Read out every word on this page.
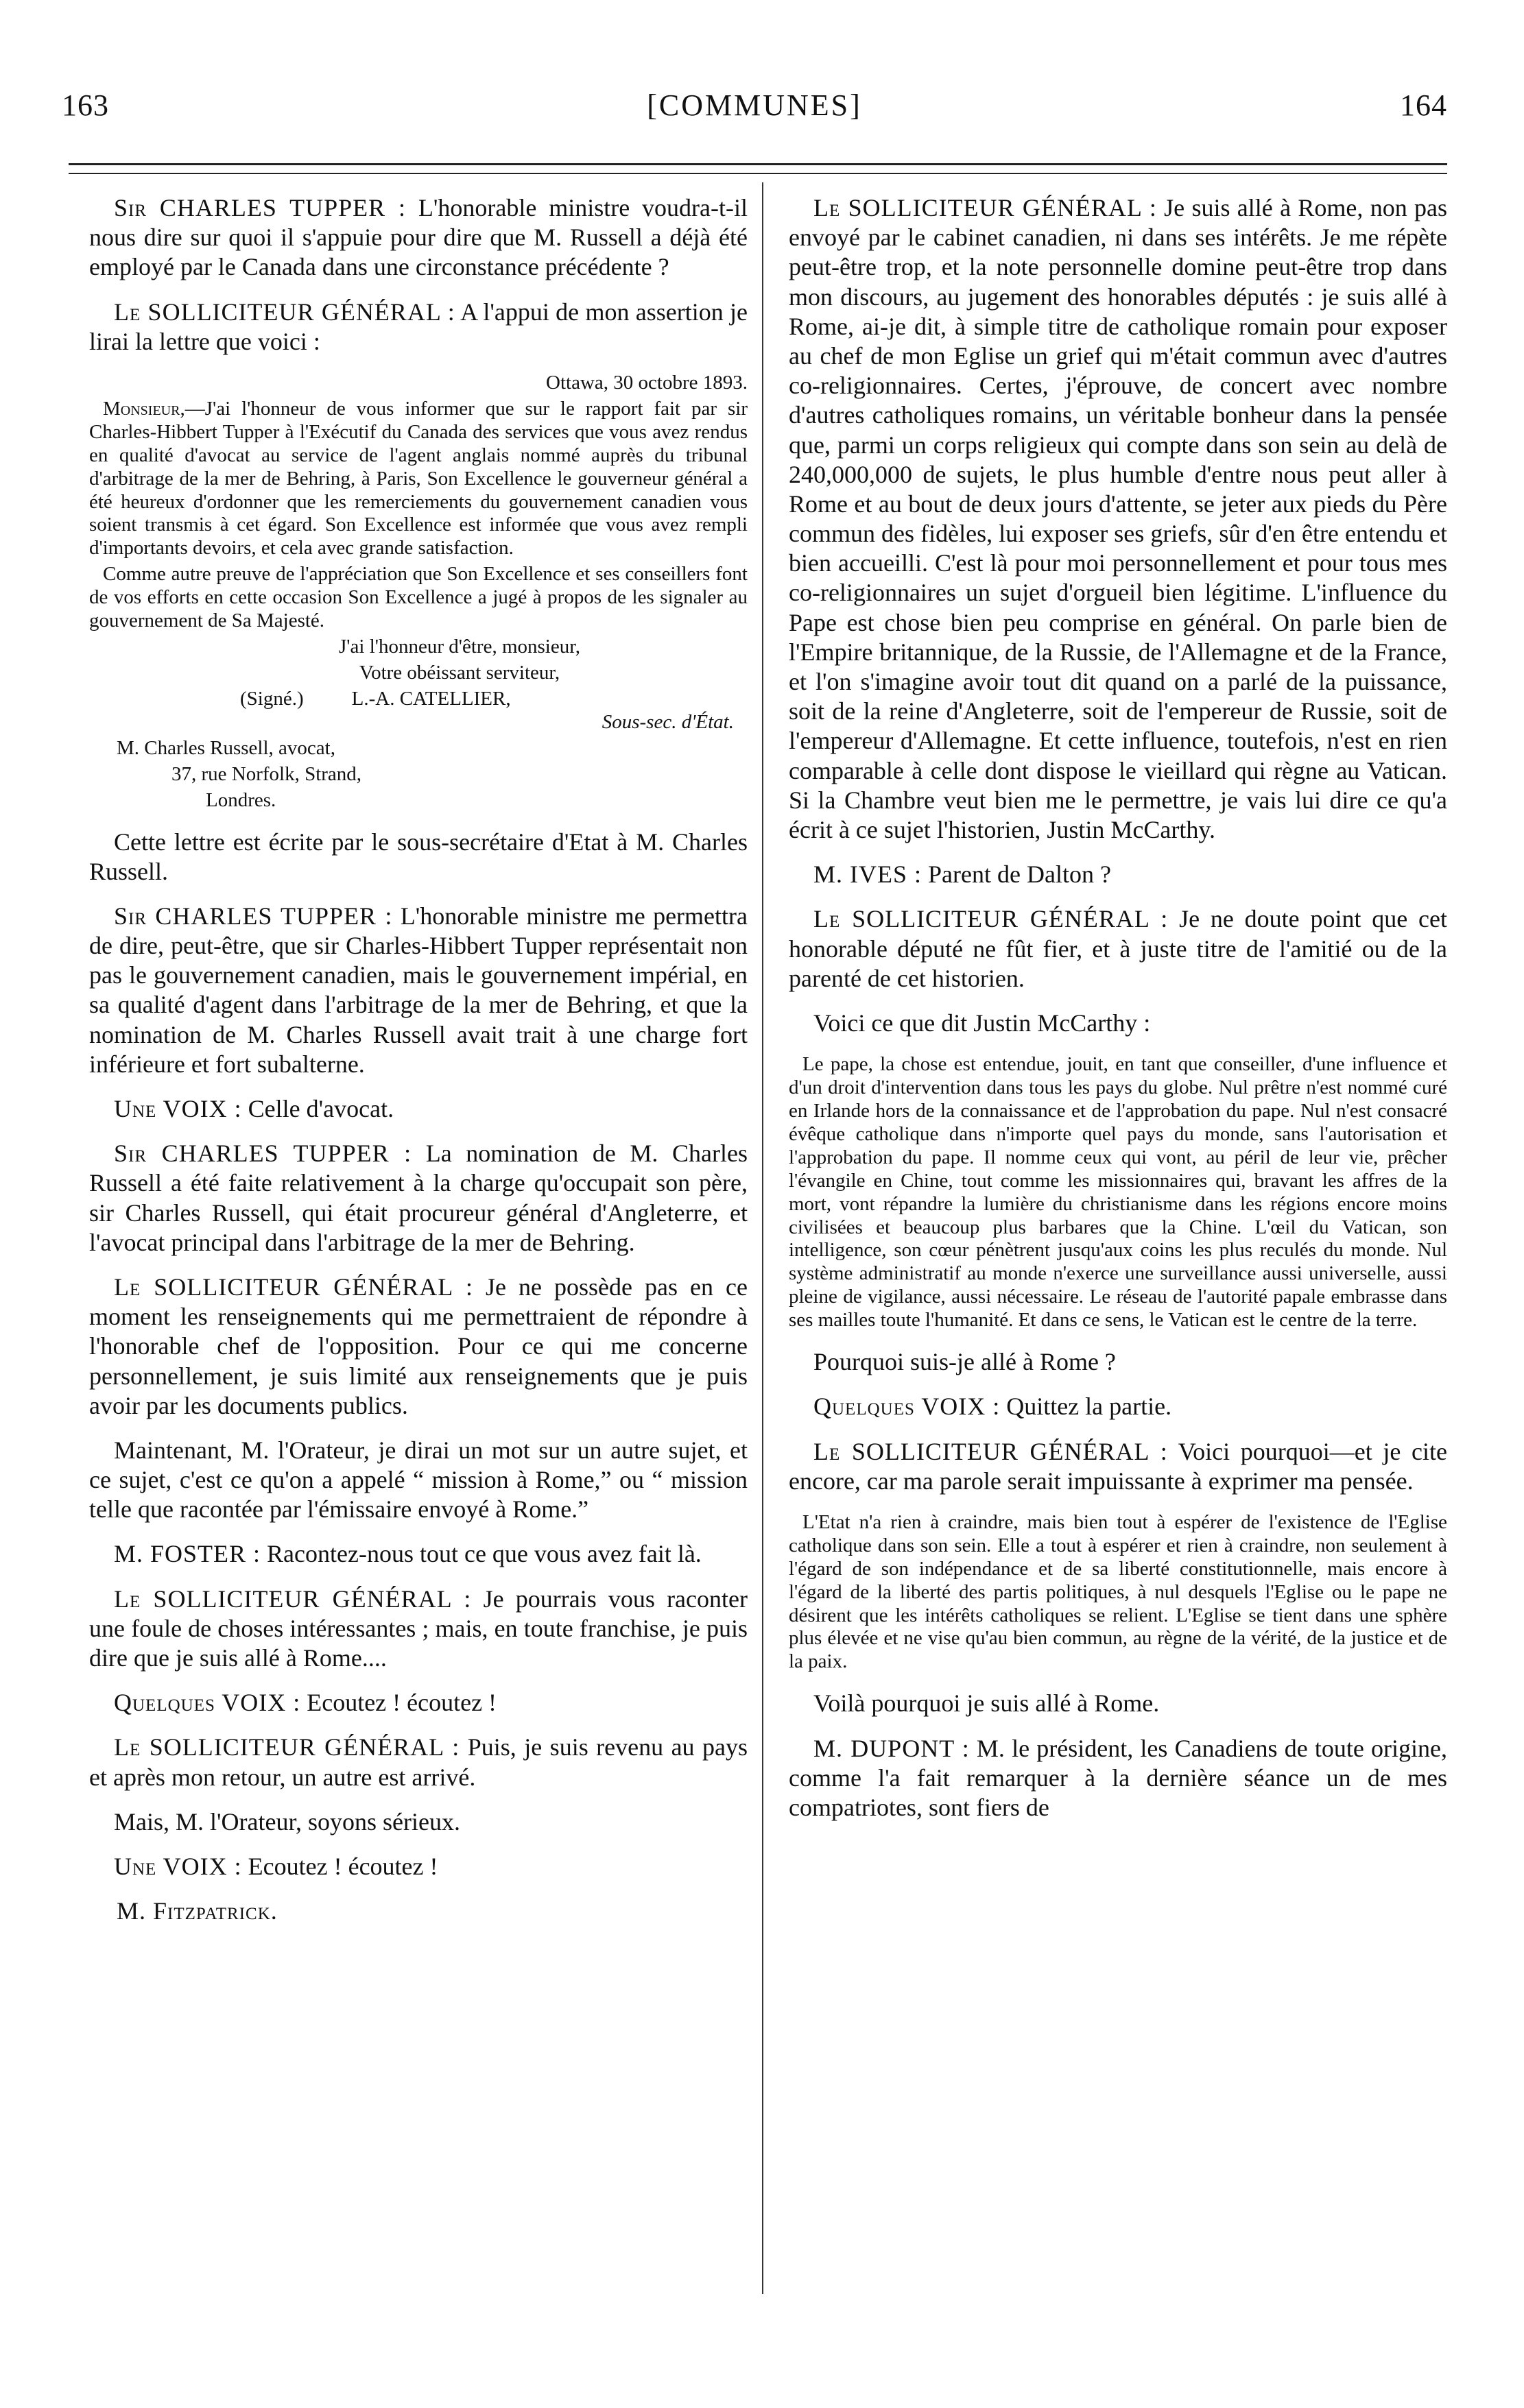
163	[COMMUNES]	164

Sir CHARLES TUPPER : L'honorable ministre voudra-t-il nous dire sur quoi il s'appuie pour dire que M. Russell a déjà été employé par le Canada dans une circonstance précédente ?

Le SOLLICITEUR GÉNÉRAL : A l'appui de mon assertion je lirai la lettre que voici :

Ottawa, 30 octobre 1893.

Monsieur,—J'ai l'honneur de vous informer que sur le rapport fait par sir Charles-Hibbert Tupper à l'Exécutif du Canada des services que vous avez rendus en qualité d'avocat au service de l'agent anglais nommé auprès du tribunal d'arbitrage de la mer de Behring, à Paris, Son Excellence le gouverneur général a été heureux d'ordonner que les remerciements du gouvernement canadien vous soient transmis à cet égard. Son Excellence est informée que vous avez rempli d'importants devoirs, et cela avec grande satisfaction.

Comme autre preuve de l'appréciation que Son Excellence et ses conseillers font de vos efforts en cette occasion Son Excellence a jugé à propos de les signaler au gouvernement de Sa Majesté.

J'ai l'honneur d'être, monsieur,

Votre obéissant serviteur,

(Signé.) L.-A. CATELLIER,

Sous-sec. d'État.

M. Charles Russell, avocat,

37, rue Norfolk, Strand,

Londres.

Cette lettre est écrite par le sous-secrétaire d'Etat à M. Charles Russell.

Sir CHARLES TUPPER : L'honorable ministre me permettra de dire, peut-être, que sir Charles-Hibbert Tupper représentait non pas le gouvernement canadien, mais le gouvernement impérial, en sa qualité d'agent dans l'arbitrage de la mer de Behring, et que la nomination de M. Charles Russell avait trait à une charge fort inférieure et fort subalterne.

Une VOIX : Celle d'avocat.

Sir CHARLES TUPPER : La nomination de M. Charles Russell a été faite relativement à la charge qu'occupait son père, sir Charles Russell, qui était procureur général d'Angleterre, et l'avocat principal dans l'arbitrage de la mer de Behring.

Le SOLLICITEUR GÉNÉRAL : Je ne possède pas en ce moment les renseignements qui me permettraient de répondre à l'honorable chef de l'opposition. Pour ce qui me concerne personnellement, je suis limité aux renseignements que je puis avoir par les documents publics.

Maintenant, M. l'Orateur, je dirai un mot sur un autre sujet, et ce sujet, c'est ce qu'on a appelé “ mission à Rome,” ou “ mission telle que racontée par l'émissaire envoyé à Rome.”

M. FOSTER : Racontez-nous tout ce que vous avez fait là.

Le SOLLICITEUR GÉNÉRAL : Je pourrais vous raconter une foule de choses intéressantes ; mais, en toute franchise, je puis dire que je suis allé à Rome....

Quelques VOIX : Ecoutez ! écoutez !

Le SOLLICITEUR GÉNÉRAL : Puis, je suis revenu au pays et après mon retour, un autre est arrivé.

Mais, M. l'Orateur, soyons sérieux.

Une VOIX : Ecoutez ! écoutez !

M. Fitzpatrick.

Le SOLLICITEUR GÉNÉRAL : Je suis allé à Rome, non pas envoyé par le cabinet canadien, ni dans ses intérêts. Je me répète peut-être trop, et la note personnelle domine peut-être trop dans mon discours, au jugement des honorables députés : je suis allé à Rome, ai-je dit, à simple titre de catholique romain pour exposer au chef de mon Eglise un grief qui m'était commun avec d'autres co-religionnaires. Certes, j'éprouve, de concert avec nombre d'autres catholiques romains, un véritable bonheur dans la pensée que, parmi un corps religieux qui compte dans son sein au delà de 240,000,000 de sujets, le plus humble d'entre nous peut aller à Rome et au bout de deux jours d'attente, se jeter aux pieds du Père commun des fidèles, lui exposer ses griefs, sûr d'en être entendu et bien accueilli. C'est là pour moi personnellement et pour tous mes co-religionnaires un sujet d'orgueil bien légitime. L'influence du Pape est chose bien peu comprise en général. On parle bien de l'Empire britannique, de la Russie, de l'Allemagne et de la France, et l'on s'imagine avoir tout dit quand on a parlé de la puissance, soit de la reine d'Angleterre, soit de l'empereur de Russie, soit de l'empereur d'Allemagne. Et cette influence, toutefois, n'est en rien comparable à celle dont dispose le vieillard qui règne au Vatican. Si la Chambre veut bien me le permettre, je vais lui dire ce qu'a écrit à ce sujet l'historien, Justin McCarthy.

M. IVES : Parent de Dalton ?

Le SOLLICITEUR GÉNÉRAL : Je ne doute point que cet honorable député ne fût fier, et à juste titre de l'amitié ou de la parenté de cet historien.

Voici ce que dit Justin McCarthy :

Le pape, la chose est entendue, jouit, en tant que conseiller, d'une influence et d'un droit d'intervention dans tous les pays du globe. Nul prêtre n'est nommé curé en Irlande hors de la connaissance et de l'approbation du pape. Nul n'est consacré évêque catholique dans n'importe quel pays du monde, sans l'autorisation et l'approbation du pape. Il nomme ceux qui vont, au péril de leur vie, prêcher l'évangile en Chine, tout comme les missionnaires qui, bravant les affres de la mort, vont répandre la lumière du christianisme dans les régions encore moins civilisées et beaucoup plus barbares que la Chine. L'œil du Vatican, son intelligence, son cœur pénètrent jusqu'aux coins les plus reculés du monde. Nul système administratif au monde n'exerce une surveillance aussi universelle, aussi pleine de vigilance, aussi nécessaire. Le réseau de l'autorité papale embrasse dans ses mailles toute l'humanité. Et dans ce sens, le Vatican est le centre de la terre.

Pourquoi suis-je allé à Rome ?

Quelques VOIX : Quittez la partie.

Le SOLLICITEUR GÉNÉRAL : Voici pourquoi—et je cite encore, car ma parole serait impuissante à exprimer ma pensée.

L'Etat n'a rien à craindre, mais bien tout à espérer de l'existence de l'Eglise catholique dans son sein. Elle a tout à espérer et rien à craindre, non seulement à l'égard de son indépendance et de sa liberté constitutionnelle, mais encore à l'égard de la liberté des partis politiques, à nul desquels l'Eglise ou le pape ne désirent que les intérêts catholiques se relient. L'Eglise se tient dans une sphère plus élevée et ne vise qu'au bien commun, au règne de la vérité, de la justice et de la paix.

Voilà pourquoi je suis allé à Rome.

M. DUPONT : M. le président, les Canadiens de toute origine, comme l'a fait remarquer à la dernière séance un de mes compatriotes, sont fiers de
